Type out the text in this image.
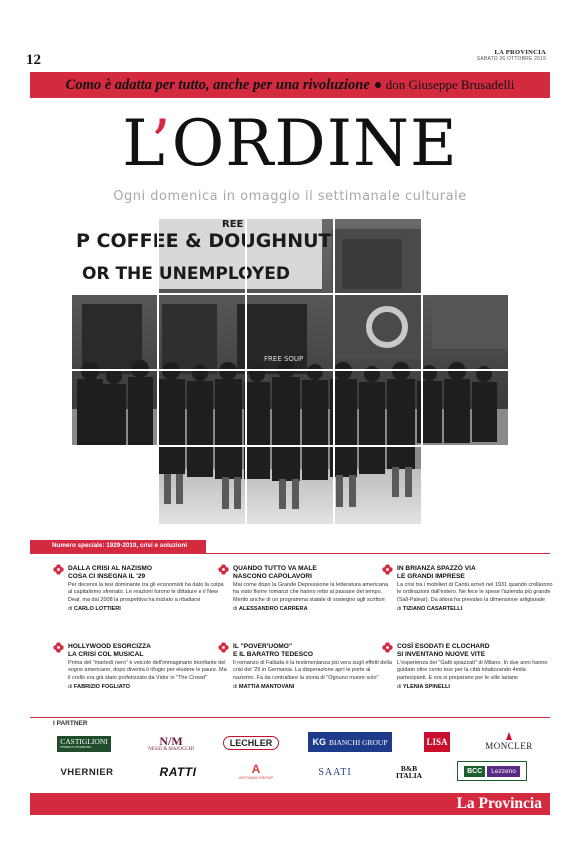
12	LA PROVINCIA
SABATO 26 OTTOBRE 2019
Como è adatta per tutto, anche per una rivoluzione don Giuseppe Brusadelli
L’ORDINE
Ogni domenica in omaggio il settimanale culturale
P COFFEE & DOUGHNUT
OR THE UNEMPLOYED
REE
FREE SOUP
Numero speciale: 1929-2019, crisi e soluzioni
DALLA CRISI AL NAZISMO
COSA CI INSEGNA IL '29
Per decenni la tesi dominante tra gli economisti ha dato la colpa al capitalismo sfrenato. Le reazioni furono le dittature e il New Deal, ma dal 2008 la prospettiva ha iniziato a ribaltarsi
di CARLO LOTTIERI
QUANDO TUTTO VA MALE
NASCONO CAPOLAVORI
Mai come dopo la Grande Depressione la letteratura americana ha visto fiorire romanzi che hanno retto al passare del tempo. Merito anche di un programma statale di sostegno agli scrittori
di ALESSANDRO CARRERA
IN BRIANZA SPAZZÒ VIA
LE GRANDI IMPRESE
La crisi tra i mobilieri di Cantù arrivò nel 1931 quando crollarono le ordinazioni dall'estero. Ne fece le spese l'azienda più grande (Sall-Palear). Da allora ha prevalso la dimensione artigianale
di TIZIANO CASARTELLI
HOLLYWOOD ESORCIZZA
LA CRISI COL MUSICAL
Prima del "martedì nero" è veicolo dell'immaginario trionfante del sogno americano, dopo diventa il rifugio per eludere le paure. Ma il crollo era già stato profetizzato da Vidor in "The Crowd"
di FABRIZIO FOGLIATO
IL "POVER'UOMO"
E IL BARATRO TEDESCO
Il romanzo di Fallada è la testimonianza più vera sugli effetti della crisi del '29 in Germania. La disperazione aprì le porte al nazismo. Fa da contraltare la storia di "Ognuno muore solo"
di MATTIA MANTOVANI
COSÌ ESODATI E CLOCHARD
SI INVENTANO NUOVE VITE
L'esperienza dei "Gatti spiazzati" di Milano. In due anni hanno guidato oltre cento tour per la città totalizzando 4mila partecipanti. E ora si preparano per le ville lariane
di YLENIA SPINELLI
I PARTNER
CASTIGLIONI
FERRO E FERRONE	N/M
NESSI & MAJOCCHI
LECHLER	KG BIANCHI GROUP	LISA	MONCLER
VHERNIER	RATTI	A
ARTSANA GROUP	SAATI	B&B ITALIA	BCC	Lezzeno
La Provincia
